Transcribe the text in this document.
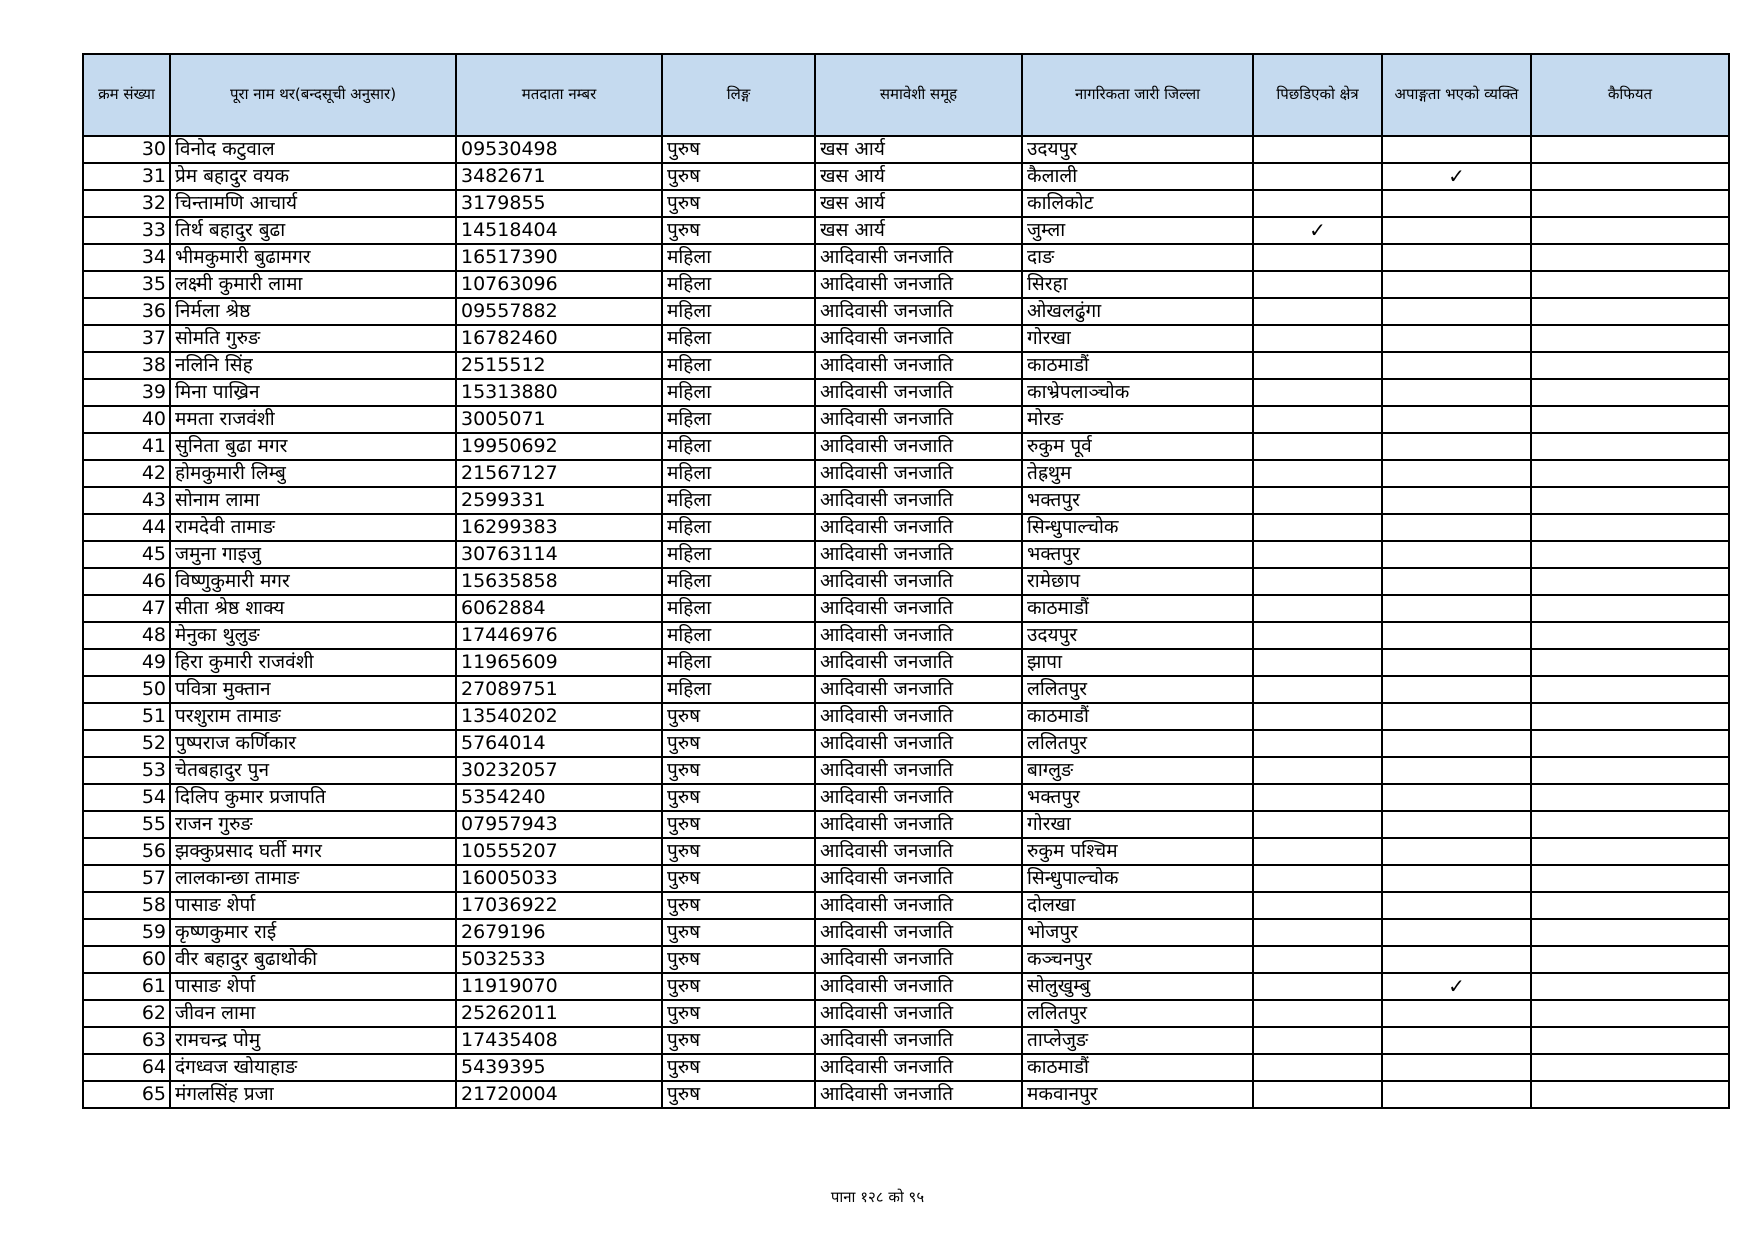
क्रम संख्या	पूरा नाम थर(बन्दसूची अनुसार)	मतदाता नम्बर	लिङ्ग	समावेशी समूह	नागरिकता जारी जिल्ला	पिछडिएको क्षेत्र	अपाङ्गता भएको व्यक्ति	कैफियत
30	विनोद कटुवाल	09530498	पुरुष	खस आर्य	उदयपुर			
31	प्रेम बहादुर वयक	3482671	पुरुष	खस आर्य	कैलाली		✓	
32	चिन्तामणि आचार्य	3179855	पुरुष	खस आर्य	कालिकोट			
33	तिर्थ बहादुर बुढा	14518404	पुरुष	खस आर्य	जुम्ला	✓		
34	भीमकुमारी बुढामगर	16517390	महिला	आदिवासी जनजाति	दाङ			
35	लक्ष्मी कुमारी लामा	10763096	महिला	आदिवासी जनजाति	सिरहा			
36	निर्मला श्रेष्ठ	09557882	महिला	आदिवासी जनजाति	ओखलढुंगा			
37	सोमति गुरुङ	16782460	महिला	आदिवासी जनजाति	गोरखा			
38	नलिनि सिंह	2515512	महिला	आदिवासी जनजाति	काठमाडौं			
39	मिना पाख्रिन	15313880	महिला	आदिवासी जनजाति	काभ्रेपलाञ्चोक			
40	ममता राजवंशी	3005071	महिला	आदिवासी जनजाति	मोरङ			
41	सुनिता बुढा मगर	19950692	महिला	आदिवासी जनजाति	रुकुम पूर्व			
42	होमकुमारी लिम्बु	21567127	महिला	आदिवासी जनजाति	तेह्रथुम			
43	सोनाम लामा	2599331	महिला	आदिवासी जनजाति	भक्तपुर			
44	रामदेवी तामाङ	16299383	महिला	आदिवासी जनजाति	सिन्धुपाल्चोक			
45	जमुना गाइजु	30763114	महिला	आदिवासी जनजाति	भक्तपुर			
46	विष्णुकुमारी मगर	15635858	महिला	आदिवासी जनजाति	रामेछाप			
47	सीता श्रेष्ठ शाक्य	6062884	महिला	आदिवासी जनजाति	काठमाडौं			
48	मेनुका थुलुङ	17446976	महिला	आदिवासी जनजाति	उदयपुर			
49	हिरा कुमारी राजवंशी	11965609	महिला	आदिवासी जनजाति	झापा			
50	पवित्रा मुक्तान	27089751	महिला	आदिवासी जनजाति	ललितपुर			
51	परशुराम तामाङ	13540202	पुरुष	आदिवासी जनजाति	काठमाडौं			
52	पुष्पराज कर्णिकार	5764014	पुरुष	आदिवासी जनजाति	ललितपुर			
53	चेतबहादुर पुन	30232057	पुरुष	आदिवासी जनजाति	बाग्लुङ			
54	दिलिप कुमार प्रजापति	5354240	पुरुष	आदिवासी जनजाति	भक्तपुर			
55	राजन गुरुङ	07957943	पुरुष	आदिवासी जनजाति	गोरखा			
56	झक्कुप्रसाद घर्ती मगर	10555207	पुरुष	आदिवासी जनजाति	रुकुम पश्चिम			
57	लालकान्छा तामाङ	16005033	पुरुष	आदिवासी जनजाति	सिन्धुपाल्चोक			
58	पासाङ शेर्पा	17036922	पुरुष	आदिवासी जनजाति	दोलखा			
59	कृष्णकुमार राई	2679196	पुरुष	आदिवासी जनजाति	भोजपुर			
60	वीर बहादुर बुढाथोकी	5032533	पुरुष	आदिवासी जनजाति	कञ्चनपुर			
61	पासाङ शेर्पा	11919070	पुरुष	आदिवासी जनजाति	सोलुखुम्बु		✓	
62	जीवन लामा	25262011	पुरुष	आदिवासी जनजाति	ललितपुर			
63	रामचन्द्र पोमु	17435408	पुरुष	आदिवासी जनजाति	ताप्लेजुङ			
64	दंगध्वज खोयाहाङ	5439395	पुरुष	आदिवासी जनजाति	काठमाडौं			
65	मंगलसिंह प्रजा	21720004	पुरुष	आदिवासी जनजाति	मकवानपुर			
पाना १२८ को ९५
